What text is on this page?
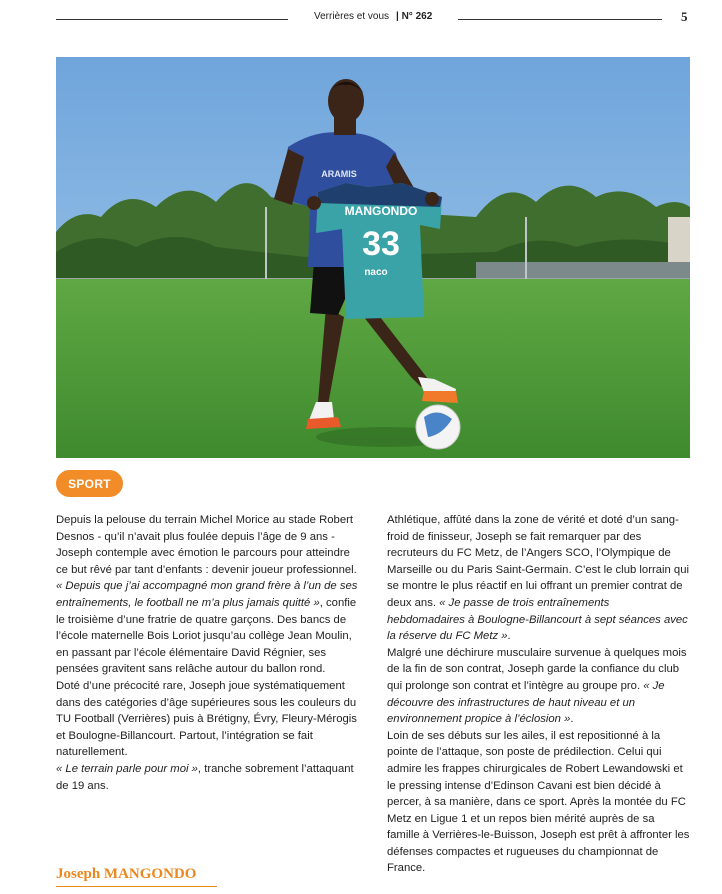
Verrières et vous | N° 262	5
MANGONDO
33
naco
ARAMIS
SPORT

Depuis la pelouse du terrain Michel Morice au stade Robert Desnos - qu’il n’avait plus foulée depuis l’âge de 9 ans - Joseph contemple avec émotion le parcours pour atteindre ce but rêvé par tant d’enfants : devenir joueur professionnel.

« Depuis que j’ai accompagné mon grand frère à l’un de ses entraînements, le football ne m’a plus jamais quitté », confie le troisième d’une fratrie de quatre garçons. Des bancs de l’école maternelle Bois Loriot jusqu’au collège Jean Moulin, en passant par l’école élémentaire David Régnier, ses pensées gravitent sans relâche autour du ballon rond.

Doté d’une précocité rare, Joseph joue systématiquement dans des catégories d’âge supérieures sous les couleurs du TU Football (Verrières) puis à Brétigny, Évry, Fleury-Mérogis et Boulogne-Billancourt. Partout, l’intégration se fait naturellement.

« Le terrain parle pour moi », tranche sobrement l’attaquant de 19 ans.

Athlétique, affûté dans la zone de vérité et doté d’un sang-froid de finisseur, Joseph se fait remarquer par des recruteurs du FC Metz, de l’Angers SCO, l’Olympique de Marseille ou du Paris Saint-Germain. C’est le club lorrain qui se montre le plus réactif en lui offrant un premier contrat de deux ans. « Je passe de trois entraînements hebdomadaires à Boulogne-Billancourt à sept séances avec la réserve du FC Metz ».

Malgré une déchirure musculaire survenue à quelques mois de la fin de son contrat, Joseph garde la confiance du club qui prolonge son contrat et l’intègre au groupe pro. « Je découvre des infrastructures de haut niveau et un environnement propice à l’éclosion ».

Loin de ses débuts sur les ailes, il est repositionné à la pointe de l’attaque, son poste de prédilection. Celui qui admire les frappes chirurgicales de Robert Lewandowski et le pressing intense d’Edinson Cavani est bien décidé à percer, à sa manière, dans ce sport. Après la montée du FC Metz en Ligue 1 et un repos bien mérité auprès de sa famille à Verrières-le-Buisson, Joseph est prêt à affronter les défenses compactes et rugueuses du championnat de France.

Joseph MANGONDO
